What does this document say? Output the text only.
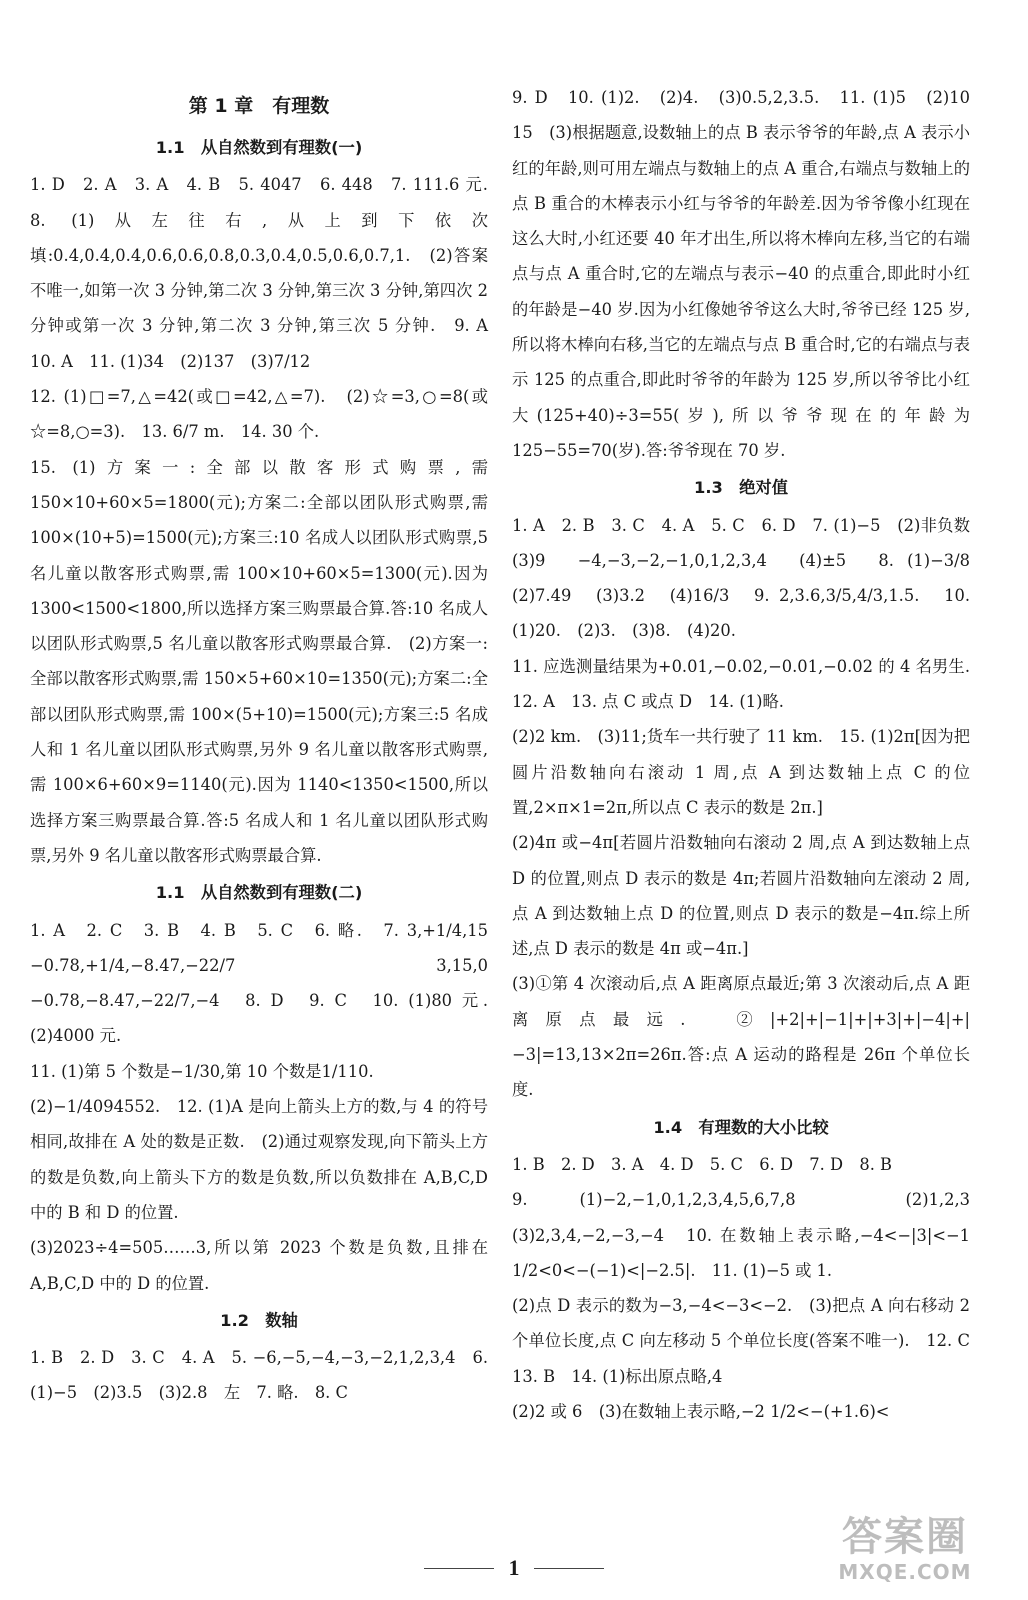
第 1 章　有理数
1.1　从自然数到有理数(一)

1. D　2. A　3. A　4. B　5. 4047　6. 448　7. 111.6 元.　8. (1)从左往右,从上到下依次填:0.4,0.4,0.4,0.6,0.6,0.8,0.3,0.4,0.5,0.6,0.7,1.　(2)答案不唯一,如第一次 3 分钟,第二次 3 分钟,第三次 3 分钟,第四次 2 分钟或第一次 3 分钟,第二次 3 分钟,第三次 5 分钟.　9. A　10. A　11. (1)34　(2)137　(3)7/12

12. (1)□=7,△=42(或□=42,△=7).　(2)☆=3,○=8(或☆=8,○=3).　13. 6/7 m.　14. 30 个.

15. (1)方案一:全部以散客形式购票,需 150×10+60×5=1800(元);方案二:全部以团队形式购票,需 100×(10+5)=1500(元);方案三:10 名成人以团队形式购票,5 名儿童以散客形式购票,需 100×10+60×5=1300(元).因为 1300<1500<1800,所以选择方案三购票最合算.答:10 名成人以团队形式购票,5 名儿童以散客形式购票最合算.　(2)方案一:全部以散客形式购票,需 150×5+60×10=1350(元);方案二:全部以团队形式购票,需 100×(5+10)=1500(元);方案三:5 名成人和 1 名儿童以团队形式购票,另外 9 名儿童以散客形式购票,需 100×6+60×9=1140(元).因为 1140<1350<1500,所以选择方案三购票最合算.答:5 名成人和 1 名儿童以团队形式购票,另外 9 名儿童以散客形式购票最合算.

1.1　从自然数到有理数(二)

1. A　2. C　3. B　4. B　5. C　6. 略.　7. 3,+1/4,15　−0.78,+1/4,−8.47,−22/7　3,15,0　−0.78,−8.47,−22/7,−4　8. D　9. C　10. (1)80 元.　(2)4000 元.

11. (1)第 5 个数是−1/30,第 10 个数是1/110.

(2)−1/4094552.　12. (1)A 是向上箭头上方的数,与 4 的符号相同,故排在 A 处的数是正数.　(2)通过观察发现,向下箭头上方的数是负数,向上箭头下方的数是负数,所以负数排在 A,B,C,D 中的 B 和 D 的位置.

(3)2023÷4=505……3,所以第 2023 个数是负数,且排在 A,B,C,D 中的 D 的位置.

1.2　数轴

1. B　2. D　3. C　4. A　5. −6,−5,−4,−3,−2,1,2,3,4　6. (1)−5　(2)3.5　(3)2.8　左　7. 略.　8. C

9. D　10. (1)2.　(2)4.　(3)0.5,2,3.5.　11. (1)5　(2)10　15　(3)根据题意,设数轴上的点 B 表示爷爷的年龄,点 A 表示小红的年龄,则可用左端点与数轴上的点 A 重合,右端点与数轴上的点 B 重合的木棒表示小红与爷爷的年龄差.因为爷爷像小红现在这么大时,小红还要 40 年才出生,所以将木棒向左移,当它的右端点与点 A 重合时,它的左端点与表示−40 的点重合,即此时小红的年龄是−40 岁.因为小红像她爷爷这么大时,爷爷已经 125 岁,所以将木棒向右移,当它的左端点与点 B 重合时,它的右端点与表示 125 的点重合,即此时爷爷的年龄为 125 岁,所以爷爷比小红大(125+40)÷3=55(岁),所以爷爷现在的年龄为 125−55=70(岁).答:爷爷现在 70 岁.

1.3　绝对值

1. A　2. B　3. C　4. A　5. C　6. D　7. (1)−5　(2)非负数　(3)9　−4,−3,−2,−1,0,1,2,3,4　(4)±5　8. (1)−3/8　(2)7.49　(3)3.2　(4)16/3　9. 2,3.6,3/5,4/3,1.5.　10. (1)20.　(2)3.　(3)8.　(4)20.

11. 应选测量结果为+0.01,−0.02,−0.01,−0.02 的 4 名男生.　12. A　13. 点 C 或点 D　14. (1)略.

(2)2 km.　(3)11;货车一共行驶了 11 km.　15. (1)2π[因为把圆片沿数轴向右滚动 1 周,点 A 到达数轴上点 C 的位置,2×π×1=2π,所以点 C 表示的数是 2π.]

(2)4π 或−4π[若圆片沿数轴向右滚动 2 周,点 A 到达数轴上点 D 的位置,则点 D 表示的数是 4π;若圆片沿数轴向左滚动 2 周,点 A 到达数轴上点 D 的位置,则点 D 表示的数是−4π.综上所述,点 D 表示的数是 4π 或−4π.]

(3)①第 4 次滚动后,点 A 距离原点最近;第 3 次滚动后,点 A 距离原点最远.　②|+2|+|−1|+|+3|+|−4|+|−3|=13,13×2π=26π.答:点 A 运动的路程是 26π 个单位长度.

1.4　有理数的大小比较

1. B　2. D　3. A　4. D　5. C　6. D　7. D　8. B

9. (1)−2,−1,0,1,2,3,4,5,6,7,8　(2)1,2,3　(3)2,3,4,−2,−3,−4　10. 在数轴上表示略,−4<−|3|<−1 1/2<0<−(−1)<|−2.5|.　11. (1)−5 或 1.

(2)点 D 表示的数为−3,−4<−3<−2.　(3)把点 A 向右移动 2 个单位长度,点 C 向左移动 5 个单位长度(答案不唯一).　12. C　13. B　14. (1)标出原点略,4

(2)2 或 6　(3)在数轴上表示略,−2 1/2<−(+1.6)<

1
答案圈
MXQE.COM
